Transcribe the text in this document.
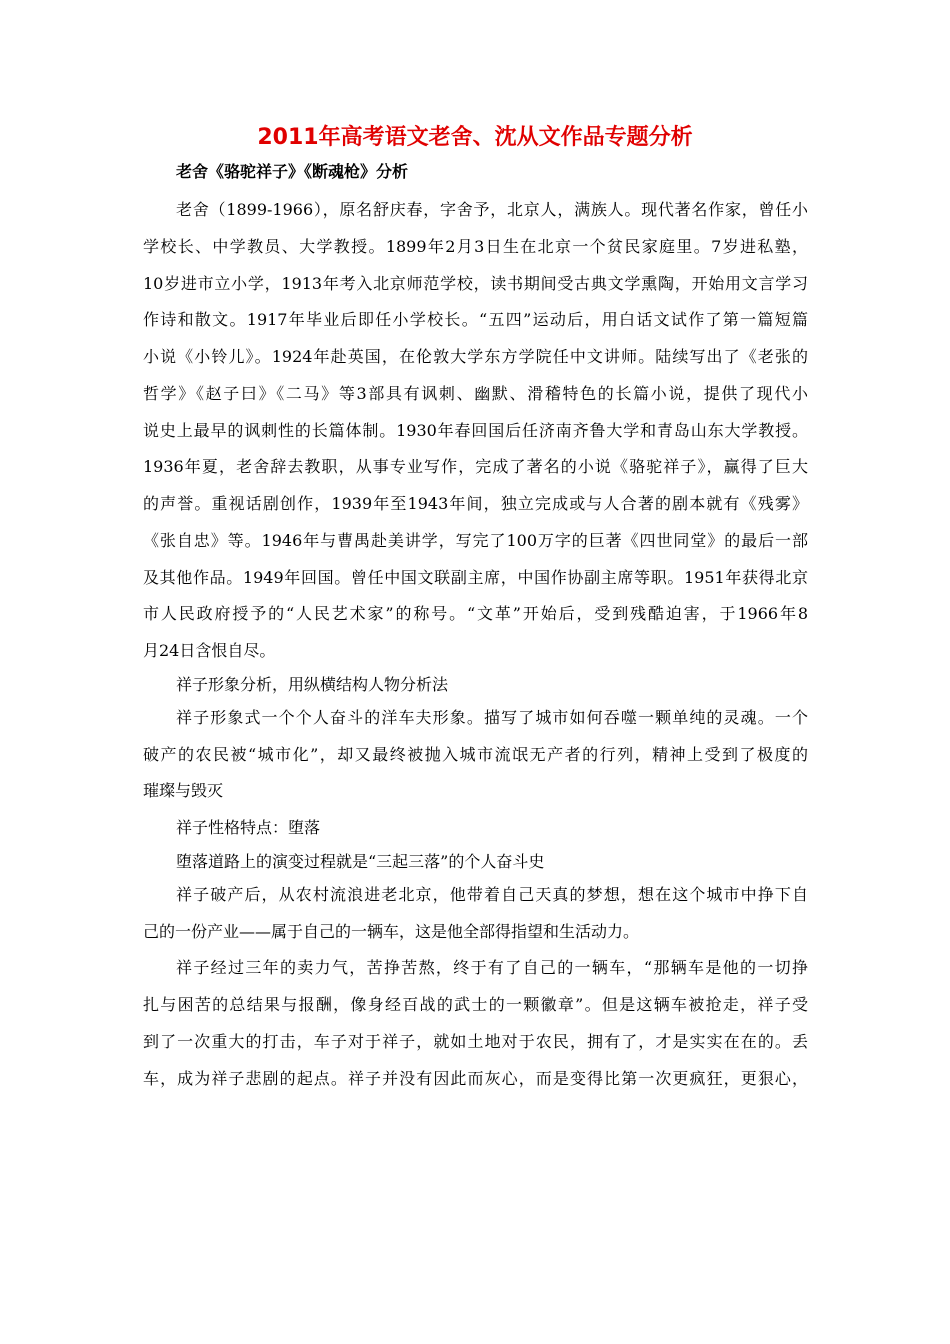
2011年高考语文老舍、沈从文作品专题分析
老舍《骆驼祥子》《断魂枪》分析
老舍（1899-1966），原名舒庆春，字舍予，北京人，满族人。现代著名作家，曾任小
学校长、中学教员、大学教授。1899年2月3日生在北京一个贫民家庭里。7岁进私塾，
10岁进市立小学，1913年考入北京师范学校，读书期间受古典文学熏陶，开始用文言学习
作诗和散文。1917年毕业后即任小学校长。“五四”运动后，用白话文试作了第一篇短篇
小说《小铃儿》。1924年赴英国，在伦敦大学东方学院任中文讲师。陆续写出了《老张的
哲学》《赵子曰》《二马》等3部具有讽刺、幽默、滑稽特色的长篇小说，提供了现代小
说史上最早的讽刺性的长篇体制。1930年春回国后任济南齐鲁大学和青岛山东大学教授。
1936年夏，老舍辞去教职，从事专业写作，完成了著名的小说《骆驼祥子》，赢得了巨大
的声誉。重视话剧创作，1939年至1943年间，独立完成或与人合著的剧本就有《残雾》
《张自忠》等。1946年与曹禺赴美讲学，写完了100万字的巨著《四世同堂》的最后一部
及其他作品。1949年回国。曾任中国文联副主席，中国作协副主席等职。1951年获得北京
市人民政府授予的“人民艺术家”的称号。“文革”开始后，受到残酷迫害，于1966年8
月24日含恨自尽。
祥子形象分析，用纵横结构人物分析法
祥子形象式一个个人奋斗的洋车夫形象。描写了城市如何吞噬一颗单纯的灵魂。一个
破产的农民被“城市化”，却又最终被抛入城市流氓无产者的行列，精神上受到了极度的
璀璨与毁灭
祥子性格特点：堕落
堕落道路上的演变过程就是“三起三落”的个人奋斗史
祥子破产后，从农村流浪进老北京，他带着自己天真的梦想，想在这个城市中挣下自
己的一份产业——属于自己的一辆车，这是他全部得指望和生活动力。
祥子经过三年的卖力气，苦挣苦熬，终于有了自己的一辆车，“那辆车是他的一切挣
扎与困苦的总结果与报酬，像身经百战的武士的一颗徽章”。但是这辆车被抢走，祥子受
到了一次重大的打击，车子对于祥子，就如土地对于农民，拥有了，才是实实在在的。丢
车，成为祥子悲剧的起点。祥子并没有因此而灰心，而是变得比第一次更疯狂，更狠心，
